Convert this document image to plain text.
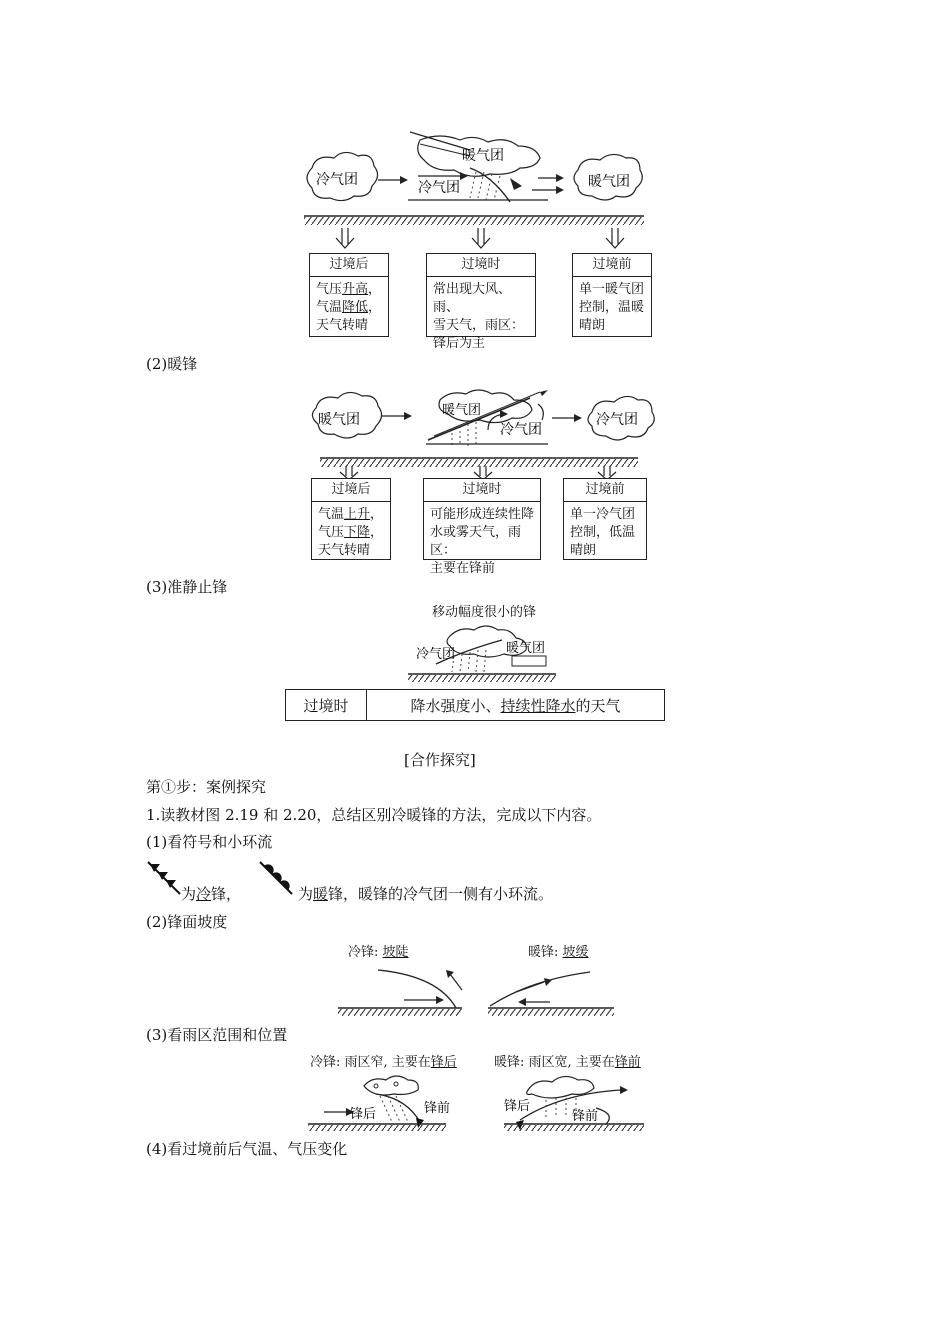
冷气团
暖气团
冷气团	暖气团
过境后
气压升高，
气温降低，
天气转晴
过境时
常出现大风、雨、
雪天气，雨区：
锋后为主
过境前
单一暖气团
控制，温暖
晴朗
(2)暖锋
暖气团
暖气团
冷气团
冷气团
过境后
气温上升，
气压下降，
天气转晴
过境时
可能形成连续性降
水或雾天气，雨区：
主要在锋前
过境前
单一冷气团
控制，低温
晴朗
(3)准静止锋
移动幅度很小的锋
冷气团	暖气团
过境时	降水强度小、持续性降水的天气
[合作探究]
第①步：案例探究
1.读教材图 2.19 和 2.20，总结区别冷暖锋的方法，完成以下内容。
(1)看符号和小环流
为冷锋，	为暖锋，暖锋的冷气团一侧有小环流。
(2)锋面坡度
冷锋: 坡陡	暖锋: 坡缓
(3)看雨区范围和位置
冷锋: 雨区窄, 主要在锋后	暖锋: 雨区宽, 主要在锋前
锋后	锋前	锋后
锋前
(4)看过境前后气温、气压变化
